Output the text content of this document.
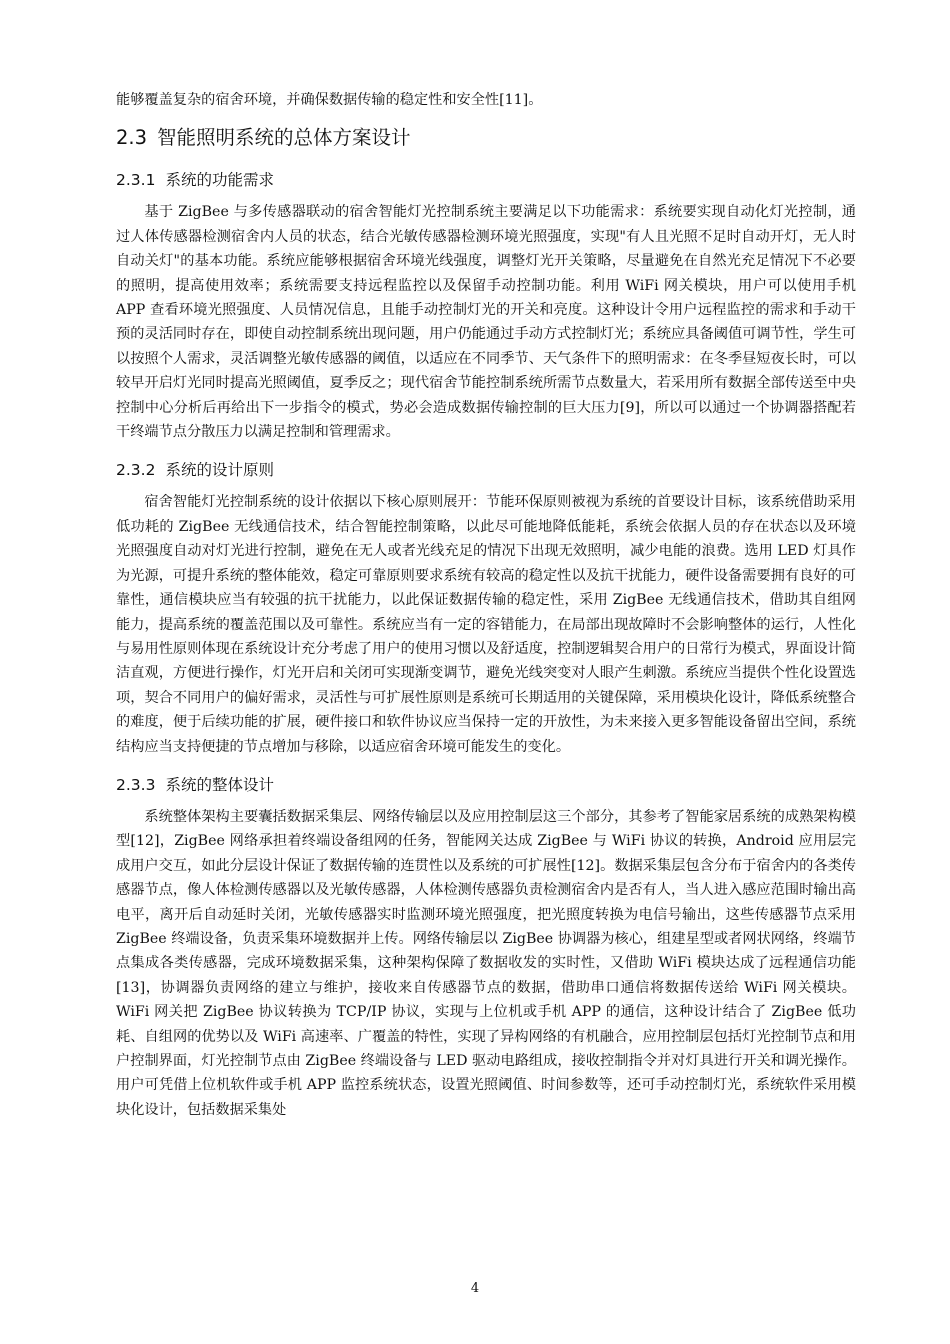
能够覆盖复杂的宿舍环境，并确保数据传输的稳定性和安全性[11]。

2.3 智能照明系统的总体方案设计
2.3.1 系统的功能需求

基于 ZigBee 与多传感器联动的宿舍智能灯光控制系统主要满足以下功能需求：系统要实现自动化灯光控制，通过人体传感器检测宿舍内人员的状态，结合光敏传感器检测环境光照强度，实现"有人且光照不足时自动开灯，无人时自动关灯"的基本功能。系统应能够根据宿舍环境光线强度，调整灯光开关策略，尽量避免在自然光充足情况下不必要的照明，提高使用效率；系统需要支持远程监控以及保留手动控制功能。利用 WiFi 网关模块，用户可以使用手机 APP 查看环境光照强度、人员情况信息，且能手动控制灯光的开关和亮度。这种设计令用户远程监控的需求和手动干预的灵活同时存在，即使自动控制系统出现问题，用户仍能通过手动方式控制灯光；系统应具备阈值可调节性，学生可以按照个人需求，灵活调整光敏传感器的阈值，以适应在不同季节、天气条件下的照明需求：在冬季昼短夜长时，可以较早开启灯光同时提高光照阈值，夏季反之；现代宿舍节能控制系统所需节点数量大，若采用所有数据全部传送至中央控制中心分析后再给出下一步指令的模式，势必会造成数据传输控制的巨大压力[9]，所以可以通过一个协调器搭配若干终端节点分散压力以满足控制和管理需求。

2.3.2 系统的设计原则

宿舍智能灯光控制系统的设计依据以下核心原则展开：节能环保原则被视为系统的首要设计目标，该系统借助采用低功耗的 ZigBee 无线通信技术，结合智能控制策略，以此尽可能地降低能耗，系统会依据人员的存在状态以及环境光照强度自动对灯光进行控制，避免在无人或者光线充足的情况下出现无效照明，减少电能的浪费。选用 LED 灯具作为光源，可提升系统的整体能效，稳定可靠原则要求系统有较高的稳定性以及抗干扰能力，硬件设备需要拥有良好的可靠性，通信模块应当有较强的抗干扰能力，以此保证数据传输的稳定性，采用 ZigBee 无线通信技术，借助其自组网能力，提高系统的覆盖范围以及可靠性。系统应当有一定的容错能力，在局部出现故障时不会影响整体的运行，人性化与易用性原则体现在系统设计充分考虑了用户的使用习惯以及舒适度，控制逻辑契合用户的日常行为模式，界面设计简洁直观，方便进行操作，灯光开启和关闭可实现渐变调节，避免光线突变对人眼产生刺激。系统应当提供个性化设置选项，契合不同用户的偏好需求，灵活性与可扩展性原则是系统可长期适用的关键保障，采用模块化设计，降低系统整合的难度，便于后续功能的扩展，硬件接口和软件协议应当保持一定的开放性，为未来接入更多智能设备留出空间，系统结构应当支持便捷的节点增加与移除，以适应宿舍环境可能发生的变化。

2.3.3 系统的整体设计

系统整体架构主要囊括数据采集层、网络传输层以及应用控制层这三个部分，其参考了智能家居系统的成熟架构模型[12]，ZigBee 网络承担着终端设备组网的任务，智能网关达成 ZigBee 与 WiFi 协议的转换，Android 应用层完成用户交互，如此分层设计保证了数据传输的连贯性以及系统的可扩展性[12]。数据采集层包含分布于宿舍内的各类传感器节点，像人体检测传感器以及光敏传感器，人体检测传感器负责检测宿舍内是否有人，当人进入感应范围时输出高电平，离开后自动延时关闭，光敏传感器实时监测环境光照强度，把光照度转换为电信号输出，这些传感器节点采用 ZigBee 终端设备，负责采集环境数据并上传。网络传输层以 ZigBee 协调器为核心，组建星型或者网状网络，终端节点集成各类传感器，完成环境数据采集，这种架构保障了数据收发的实时性，又借助 WiFi 模块达成了远程通信功能[13]，协调器负责网络的建立与维护，接收来自传感器节点的数据，借助串口通信将数据传送给 WiFi 网关模块。WiFi 网关把 ZigBee 协议转换为 TCP/IP 协议，实现与上位机或手机 APP 的通信，这种设计结合了 ZigBee 低功耗、自组网的优势以及 WiFi 高速率、广覆盖的特性，实现了异构网络的有机融合，应用控制层包括灯光控制节点和用户控制界面，灯光控制节点由 ZigBee 终端设备与 LED 驱动电路组成，接收控制指令并对灯具进行开关和调光操作。用户可凭借上位机软件或手机 APP 监控系统状态，设置光照阈值、时间参数等，还可手动控制灯光，系统软件采用模块化设计，包括数据采集处

4
